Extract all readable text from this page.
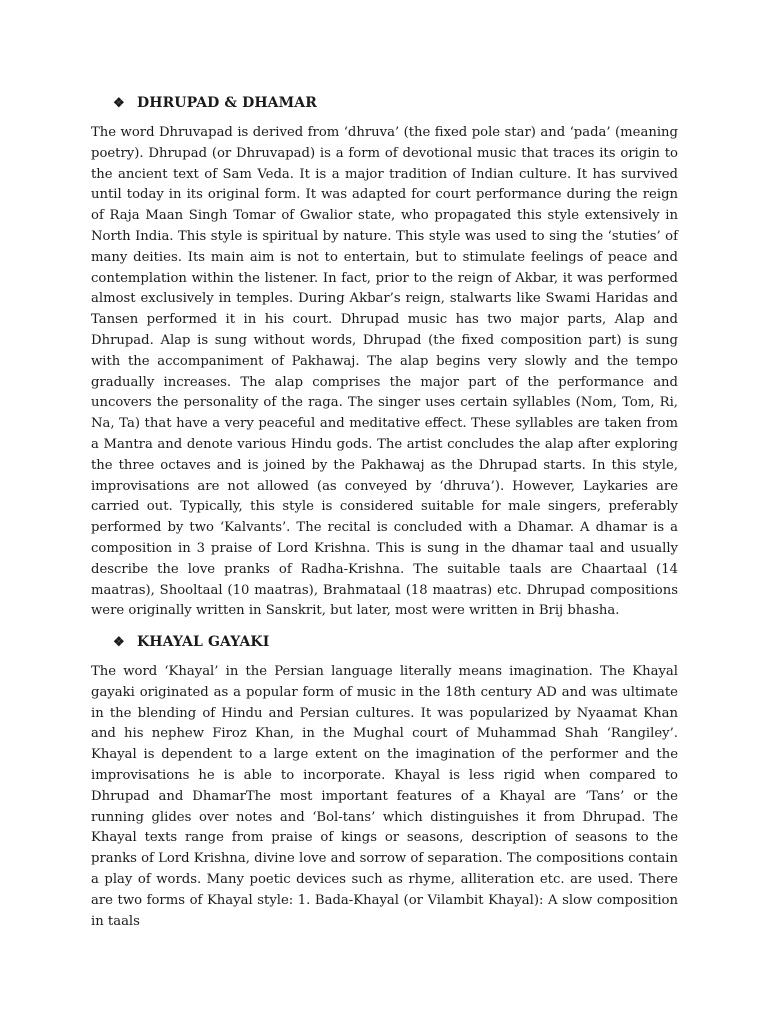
❖ DHRUPAD & DHAMAR

The word Dhruvapad is derived from ‘dhruva’ (the fixed pole star) and ‘pada’ (meaning poetry). Dhrupad (or Dhruvapad) is a form of devotional music that traces its origin to the ancient text of Sam Veda. It is a major tradition of Indian culture. It has survived until today in its original form. It was adapted for court performance during the reign of Raja Maan Singh Tomar of Gwalior state, who propagated this style extensively in North India. This style is spiritual by nature. This style was used to sing the ‘stuties’ of many deities. Its main aim is not to entertain, but to stimulate feelings of peace and contemplation within the listener. In fact, prior to the reign of Akbar, it was performed almost exclusively in temples. During Akbar’s reign, stalwarts like Swami Haridas and Tansen performed it in his court. Dhrupad music has two major parts, Alap and Dhrupad. Alap is sung without words, Dhrupad (the fixed composition part) is sung with the accompaniment of Pakhawaj. The alap begins very slowly and the tempo gradually increases. The alap comprises the major part of the performance and uncovers the personality of the raga. The singer uses certain syllables (Nom, Tom, Ri, Na, Ta) that have a very peaceful and meditative effect. These syllables are taken from a Mantra and denote various Hindu gods. The artist concludes the alap after exploring the three octaves and is joined by the Pakhawaj as the Dhrupad starts. In this style, improvisations are not allowed (as conveyed by ‘dhruva’). However, Laykaries are carried out. Typically, this style is considered suitable for male singers, preferably performed by two ‘Kalvants’. The recital is concluded with a Dhamar. A dhamar is a composition in 3 praise of Lord Krishna. This is sung in the dhamar taal and usually describe the love pranks of Radha-Krishna. The suitable taals are Chaartaal (14 maatras), Shooltaal (10 maatras), Brahmataal (18 maatras) etc. Dhrupad compositions were originally written in Sanskrit, but later, most were written in Brij bhasha.

❖ KHAYAL GAYAKI

The word ‘Khayal’ in the Persian language literally means imagination. The Khayal gayaki originated as a popular form of music in the 18th century AD and was ultimate in the blending of Hindu and Persian cultures. It was popularized by Nyaamat Khan and his nephew Firoz Khan, in the Mughal court of Muhammad Shah ‘Rangiley’. Khayal is dependent to a large extent on the imagination of the performer and the improvisations he is able to incorporate. Khayal is less rigid when compared to Dhrupad and DhamarThe most important features of a Khayal are ‘Tans’ or the running glides over notes and ‘Bol-tans’ which distinguishes it from Dhrupad. The Khayal texts range from praise of kings or seasons, description of seasons to the pranks of Lord Krishna, divine love and sorrow of separation. The compositions contain a play of words. Many poetic devices such as rhyme, alliteration etc. are used. There are two forms of Khayal style: 1. Bada-Khayal (or Vilambit Khayal): A slow composition in taals
